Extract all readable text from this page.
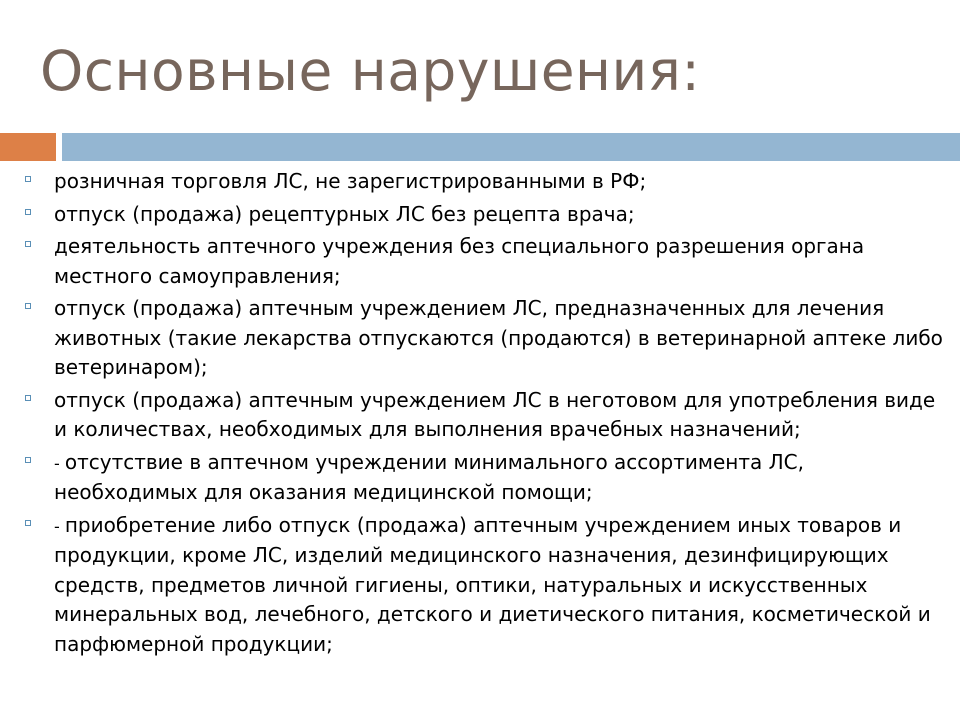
Основные нарушения:
розничная торговля ЛС, не зарегистрированными в РФ;
отпуск (продажа) рецептурных ЛС без рецепта врача;
деятельность аптечного учреждения без специального разрешения органа местного самоуправления;
отпуск (продажа) аптечным учреждением ЛС, предназначенных для лечения животных (такие лекарства отпускаются (продаются) в ветеринарной аптеке либо ветеринаром);
отпуск (продажа) аптечным учреждением ЛС в неготовом для употребления виде и количествах, необходимых для выполнения врачебных назначений;
- отсутствие в аптечном учреждении минимального ассортимента ЛС, необходимых для оказания медицинской помощи;
- приобретение либо отпуск (продажа) аптечным учреждением иных товаров и продукции, кроме ЛС, изделий медицинского назначения, дезинфицирующих средств, предметов личной гигиены, оптики, натуральных и искусственных минеральных вод, лечебного, детского и диетического питания, косметической и парфюмерной продукции;
